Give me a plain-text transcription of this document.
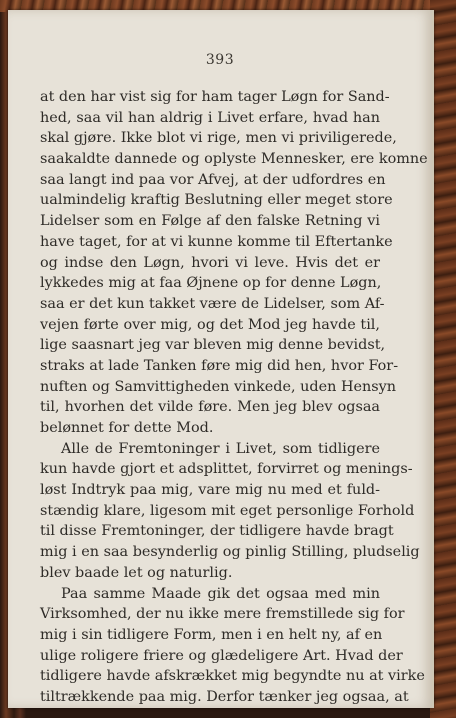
393
at den har vist sig for ham tager Løgn for Sand-
hed, saa vil han aldrig i Livet erfare, hvad han
skal gjøre. Ikke blot vi rige, men vi priviligerede,
saakaldte dannede og oplyste Mennesker, ere komne
saa langt ind paa vor Afvej, at der udfordres en
ualmindelig kraftig Beslutning eller meget store
Lidelser som en Følge af den falske Retning vi
have taget, for at vi kunne komme til Eftertanke
og indse den Løgn, hvori vi leve. Hvis det er
lykkedes mig at faa Øjnene op for denne Løgn,
saa er det kun takket være de Lidelser, som Af-
vejen førte over mig, og det Mod jeg havde til,
lige saasnart jeg var bleven mig denne bevidst,
straks at lade Tanken føre mig did hen, hvor For-
nuften og Samvittigheden vinkede, uden Hensyn
til, hvorhen det vilde føre. Men jeg blev ogsaa
belønnet for dette Mod.
Alle de Fremtoninger i Livet, som tidligere
kun havde gjort et adsplittet, forvirret og menings-
løst Indtryk paa mig, vare mig nu med et fuld-
stændig klare, ligesom mit eget personlige Forhold
til disse Fremtoninger, der tidligere havde bragt
mig i en saa besynderlig og pinlig Stilling, pludselig
blev baade let og naturlig.
Paa samme Maade gik det ogsaa med min
Virksomhed, der nu ikke mere fremstillede sig for
mig i sin tidligere Form, men i en helt ny, af en
ulige roligere friere og glædeligere Art. Hvad der
tidligere havde afskrækket mig begyndte nu at virke
tiltrækkende paa mig. Derfor tænker jeg ogsaa, at
